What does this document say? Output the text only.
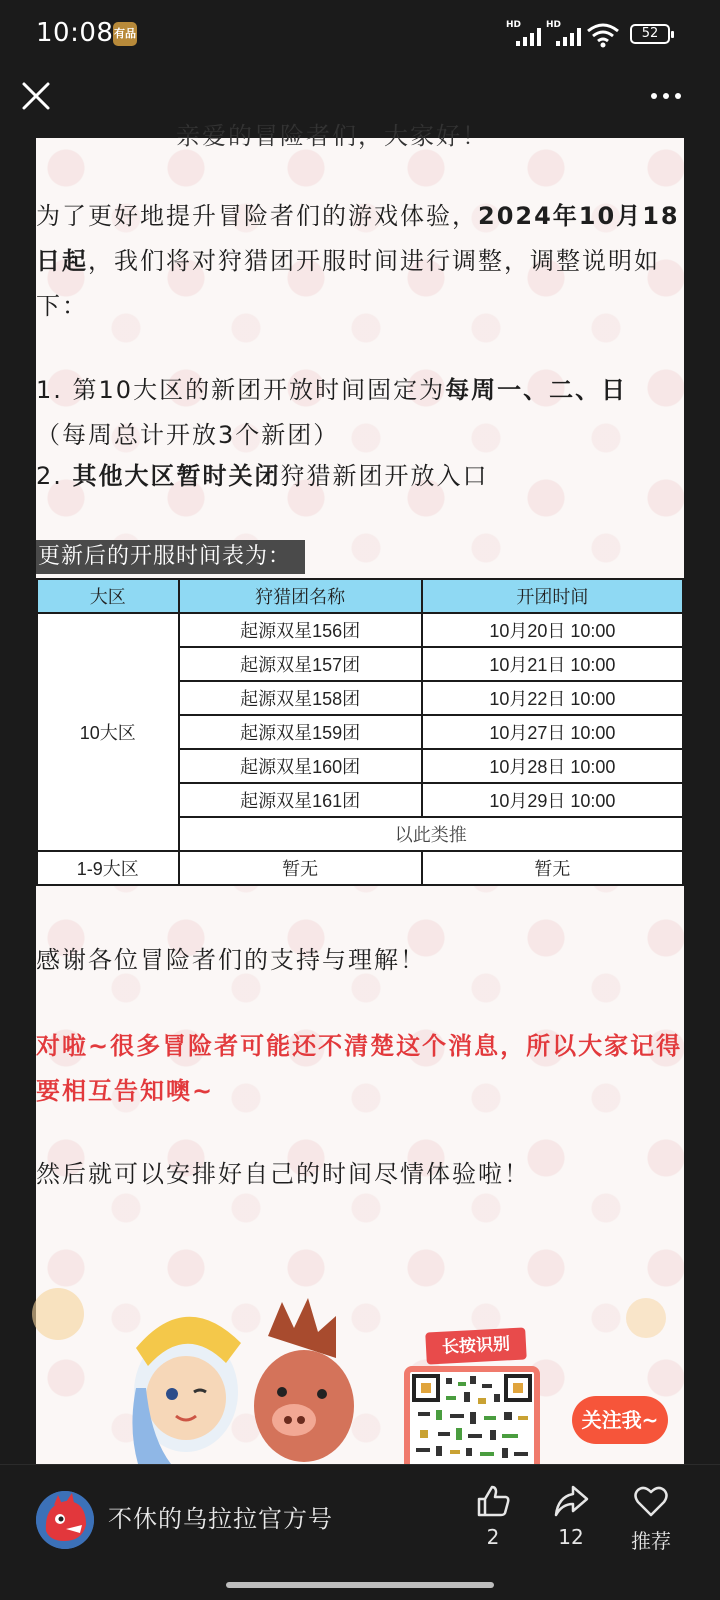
10:08 有品
HD	HD
52
亲爱的冒险者们，大家好！
为了更好地提升冒险者们的游戏体验，2024年10月18日起，我们将对狩猎团开服时间进行调整，调整说明如下：
1. 第10大区的新团开放时间固定为每周一、二、日
（每周总计开放3个新团）
2. 其他大区暂时关闭狩猎新团开放入口
更新后的开服时间表为：
大区	狩猎团名称	开团时间
10大区	起源双星156团	10月20日 10:00
	起源双星157团	10月21日 10:00
	起源双星158团	10月22日 10:00
	起源双星159团	10月27日 10:00
	起源双星160团	10月28日 10:00
	起源双星161团	10月29日 10:00
	以此类推	
1-9大区	暂无	暂无
感谢各位冒险者们的支持与理解！
对啦~很多冒险者可能还不清楚这个消息，所以大家记得要相互告知噢~
然后就可以安排好自己的时间尽情体验啦！
长按识别
关注我~
不休的乌拉拉官方号
2	12	推荐
